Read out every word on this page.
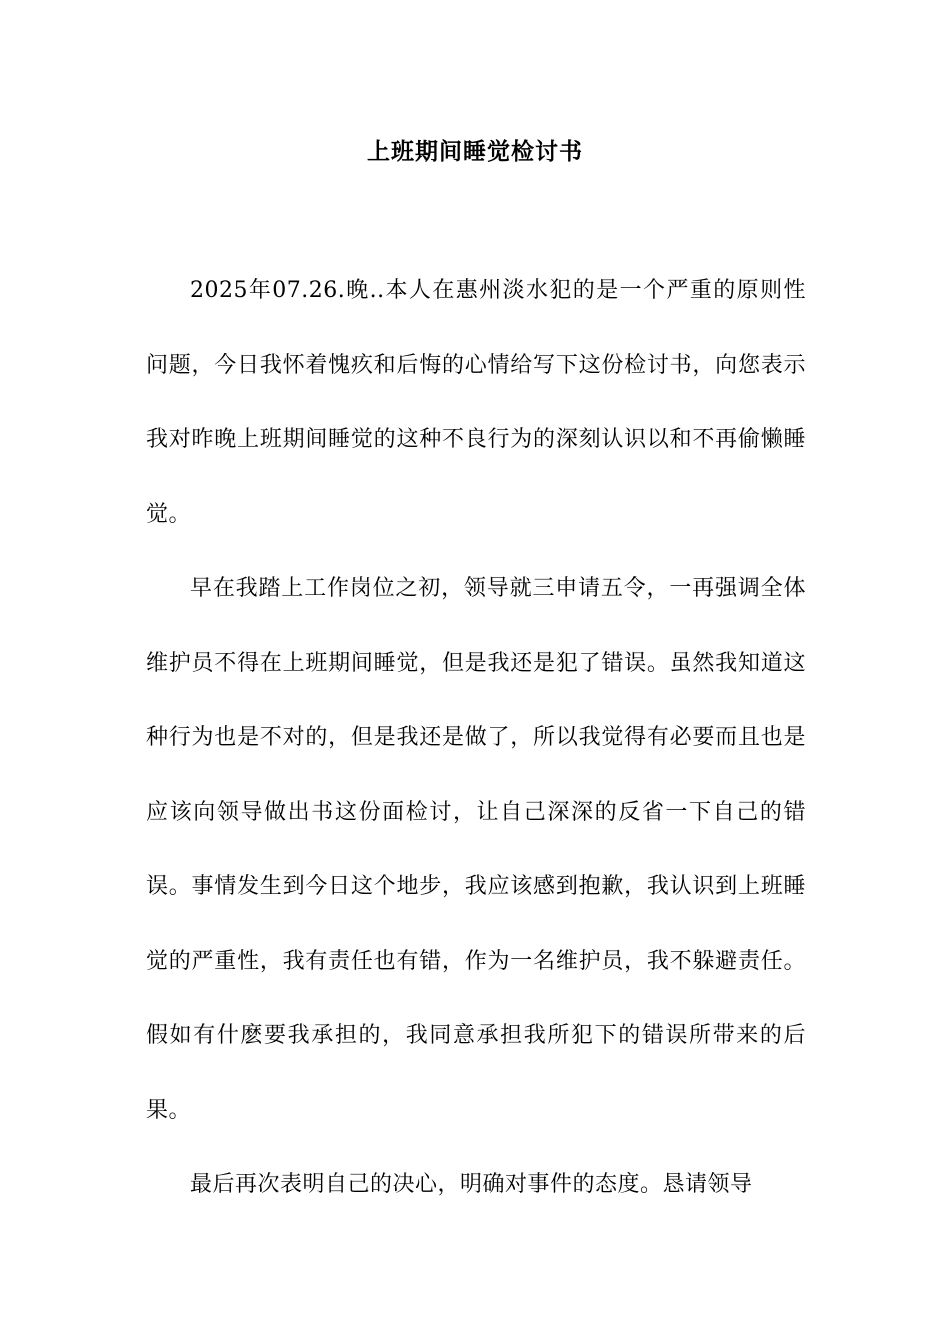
上班期间睡觉检讨书

2025年07.26.晚..本人在惠州淡水犯的是一个严重的原则性问题，今日我怀着愧疚和后悔的心情给写下这份检讨书，向您表示我对昨晚上班期间睡觉的这种不良行为的深刻认识以和不再偷懒睡觉。

早在我踏上工作岗位之初，领导就三申请五令，一再强调全体维护员不得在上班期间睡觉，但是我还是犯了错误。虽然我知道这种行为也是不对的，但是我还是做了，所以我觉得有必要而且也是应该向领导做出书这份面检讨，让自己深深的反省一下自己的错误。事情发生到今日这个地步，我应该感到抱歉，我认识到上班睡觉的严重性，我有责任也有错，作为一名维护员，我不躲避责任。假如有什麽要我承担的，我同意承担我所犯下的错误所带来的后果。

最后再次表明自己的决心，明确对事件的态度。恳请领导
